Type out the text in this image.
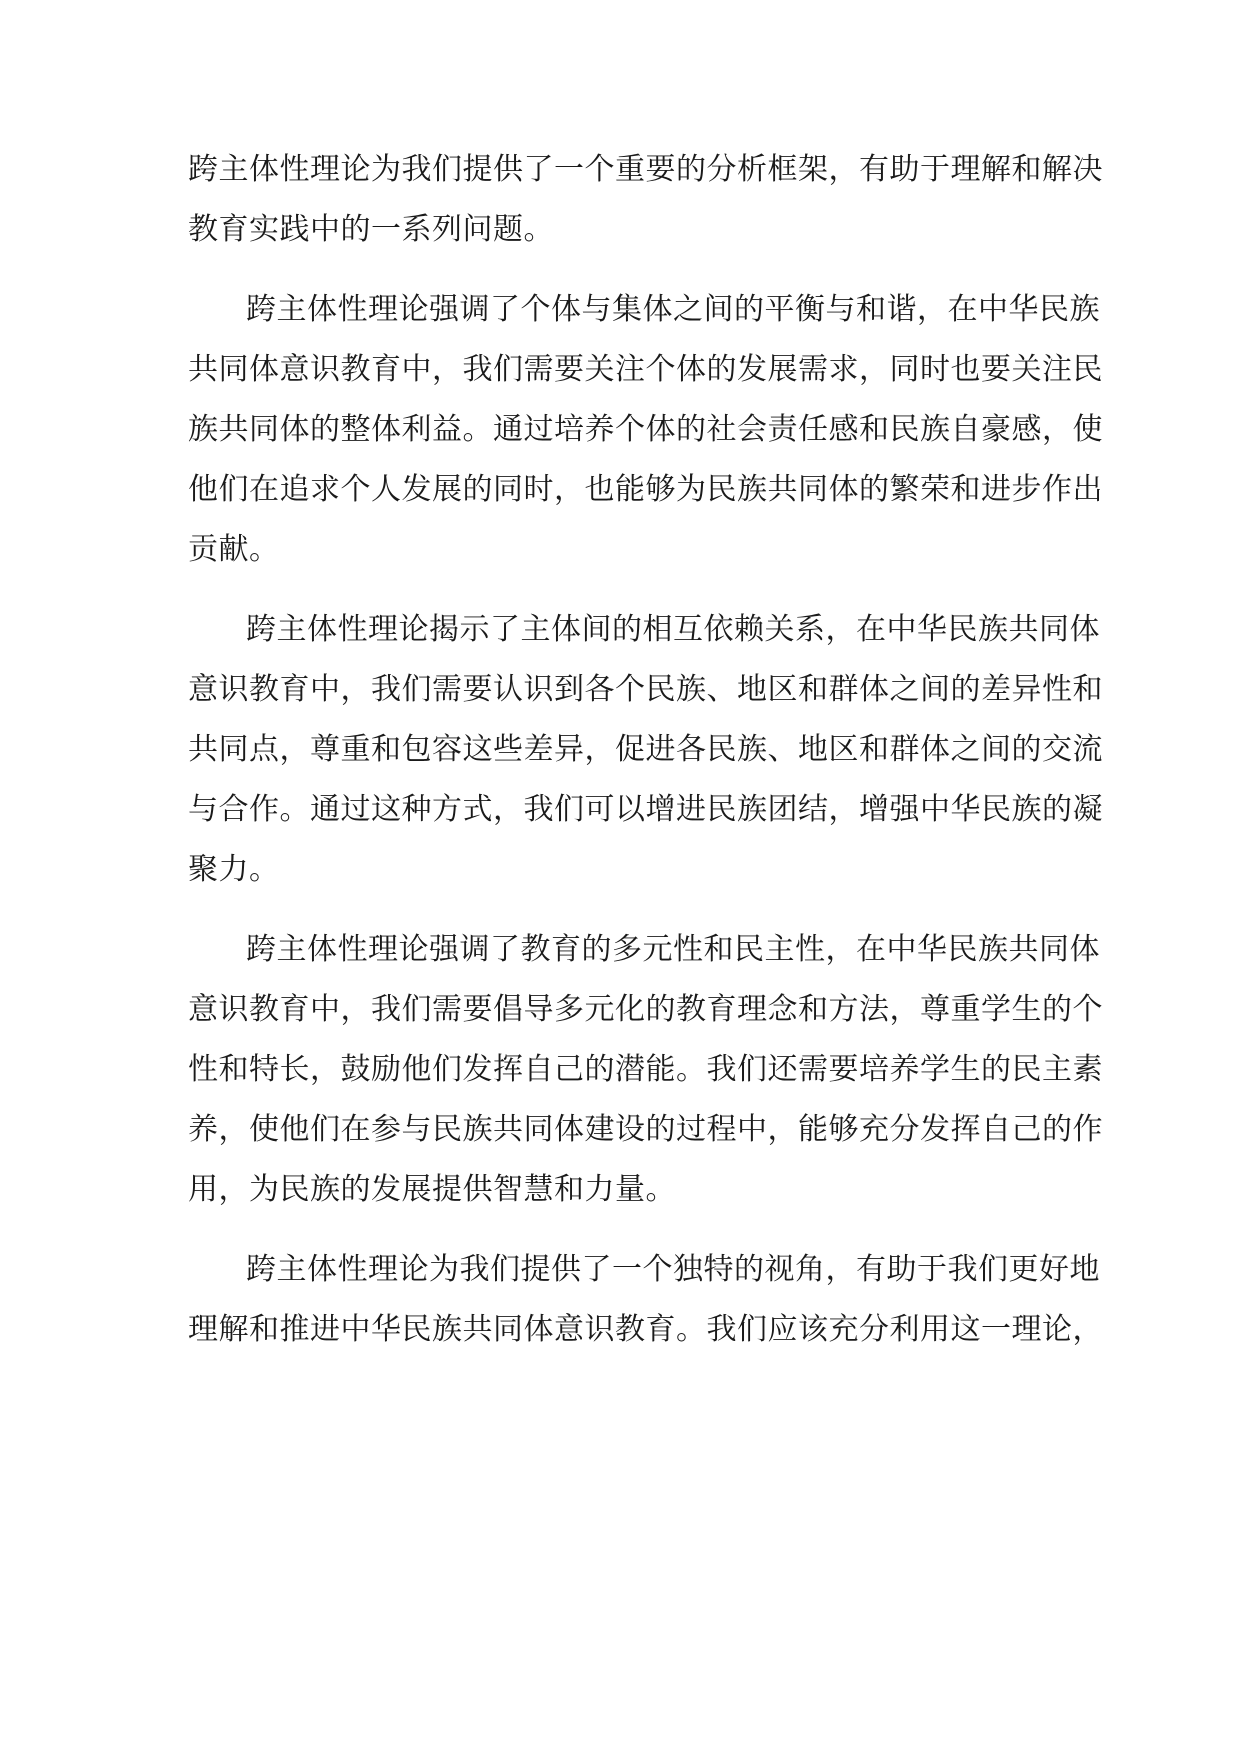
跨主体性理论为我们提供了一个重要的分析框架，有助于理解和解决
教育实践中的一系列问题。
跨主体性理论强调了个体与集体之间的平衡与和谐，在中华民族
共同体意识教育中，我们需要关注个体的发展需求，同时也要关注民
族共同体的整体利益。通过培养个体的社会责任感和民族自豪感，使
他们在追求个人发展的同时，也能够为民族共同体的繁荣和进步作出
贡献。
跨主体性理论揭示了主体间的相互依赖关系，在中华民族共同体
意识教育中，我们需要认识到各个民族、地区和群体之间的差异性和
共同点，尊重和包容这些差异，促进各民族、地区和群体之间的交流
与合作。通过这种方式，我们可以增进民族团结，增强中华民族的凝
聚力。
跨主体性理论强调了教育的多元性和民主性，在中华民族共同体
意识教育中，我们需要倡导多元化的教育理念和方法，尊重学生的个
性和特长，鼓励他们发挥自己的潜能。我们还需要培养学生的民主素
养，使他们在参与民族共同体建设的过程中，能够充分发挥自己的作
用，为民族的发展提供智慧和力量。
跨主体性理论为我们提供了一个独特的视角，有助于我们更好地
理解和推进中华民族共同体意识教育。我们应该充分利用这一理论，
